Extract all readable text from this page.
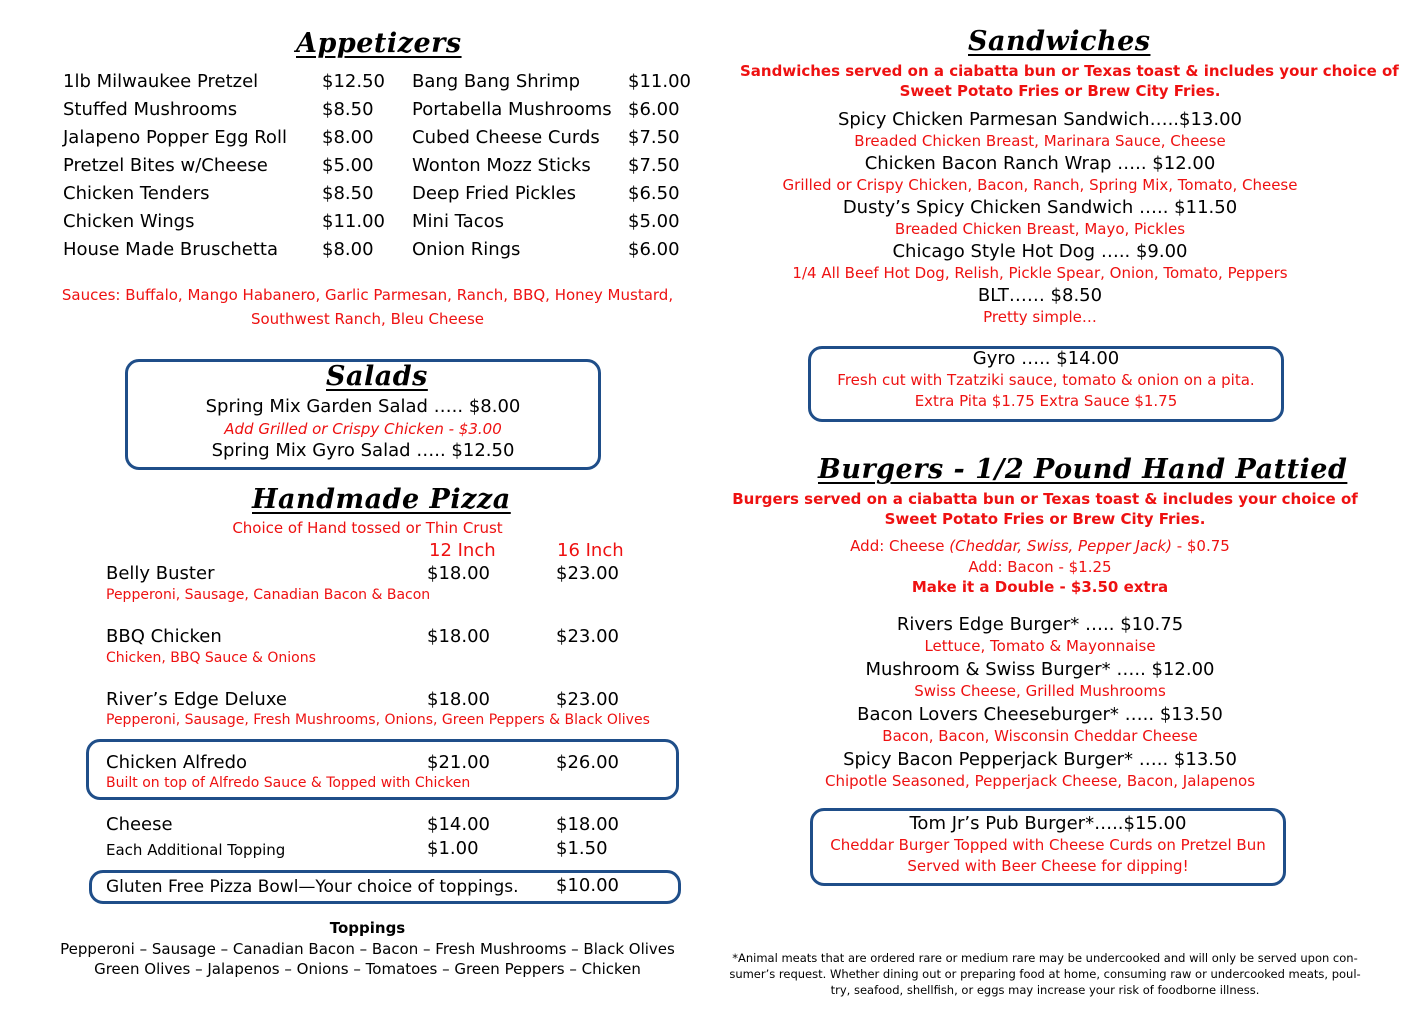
Appetizers
1lb Milwaukee Pretzel	$12.50
Stuffed Mushrooms	$8.50
Jalapeno Popper Egg Roll $8.00
Pretzel Bites w/Cheese	$5.00
Chicken Tenders	$8.50
Chicken Wings	$11.00
House Made Bruschetta $8.00
Bang Bang Shrimp	$11.00
Portabella Mushrooms $6.00
Cubed Cheese Curds $7.50
Wonton Mozz Sticks $7.50
Deep Fried Pickles	$6.50
Mini Tacos	$5.00
Onion Rings	$6.00
Sauces: Buffalo, Mango Habanero, Garlic Parmesan, Ranch, BBQ, Honey Mustard,
Southwest Ranch, Bleu Cheese
Salads
Spring Mix Garden Salad ….. $8.00
Add Grilled or Crispy Chicken - $3.00
Spring Mix Gyro Salad ….. $12.50
Handmade Pizza
Choice of Hand tossed or Thin Crust
12 Inch	16 Inch
Belly Buster	$18.00	$23.00
Pepperoni, Sausage, Canadian Bacon & Bacon
BBQ Chicken	$18.00	$23.00
Chicken, BBQ Sauce & Onions
River’s Edge Deluxe	$18.00	$23.00
Pepperoni, Sausage, Fresh Mushrooms, Onions, Green Peppers & Black Olives
Chicken Alfredo	$21.00	$26.00
Built on top of Alfredo Sauce & Topped with Chicken
Cheese	$14.00	$18.00
Each Additional Topping	$1.00	$1.50
Gluten Free Pizza Bowl—Your choice of toppings. $10.00
Toppings
Pepperoni – Sausage – Canadian Bacon – Bacon – Fresh Mushrooms – Black Olives
Green Olives – Jalapenos – Onions – Tomatoes – Green Peppers – Chicken
Sandwiches
Sandwiches served on a ciabatta bun or Texas toast & includes your choice of
Sweet Potato Fries or Brew City Fries.
Spicy Chicken Parmesan Sandwich…..$13.00
Breaded Chicken Breast, Marinara Sauce, Cheese
Chicken Bacon Ranch Wrap ….. $12.00
Grilled or Crispy Chicken, Bacon, Ranch, Spring Mix, Tomato, Cheese
Dusty’s Spicy Chicken Sandwich ….. $11.50
Breaded Chicken Breast, Mayo, Pickles
Chicago Style Hot Dog ….. $9.00
1/4 All Beef Hot Dog, Relish, Pickle Spear, Onion, Tomato, Peppers
BLT…… $8.50
Pretty simple…
Gyro ….. $14.00
Fresh cut with Tzatziki sauce, tomato & onion on a pita.
Extra Pita $1.75 Extra Sauce $1.75
Burgers - 1/2 Pound Hand Pattied
Burgers served on a ciabatta bun or Texas toast & includes your choice of
Sweet Potato Fries or Brew City Fries.
Add: Cheese (Cheddar, Swiss, Pepper Jack) - $0.75
Add: Bacon - $1.25
Make it a Double - $3.50 extra
Rivers Edge Burger* ….. $10.75
Lettuce, Tomato & Mayonnaise
Mushroom & Swiss Burger* ….. $12.00
Swiss Cheese, Grilled Mushrooms
Bacon Lovers Cheeseburger* ….. $13.50
Bacon, Bacon, Wisconsin Cheddar Cheese
Spicy Bacon Pepperjack Burger* ….. $13.50
Chipotle Seasoned, Pepperjack Cheese, Bacon, Jalapenos
Tom Jr’s Pub Burger*…..$15.00
Cheddar Burger Topped with Cheese Curds on Pretzel Bun
Served with Beer Cheese for dipping!
*Animal meats that are ordered rare or medium rare may be undercooked and will only be served upon con-
sumer’s request. Whether dining out or preparing food at home, consuming raw or undercooked meats, poul-
try, seafood, shellfish, or eggs may increase your risk of foodborne illness.
